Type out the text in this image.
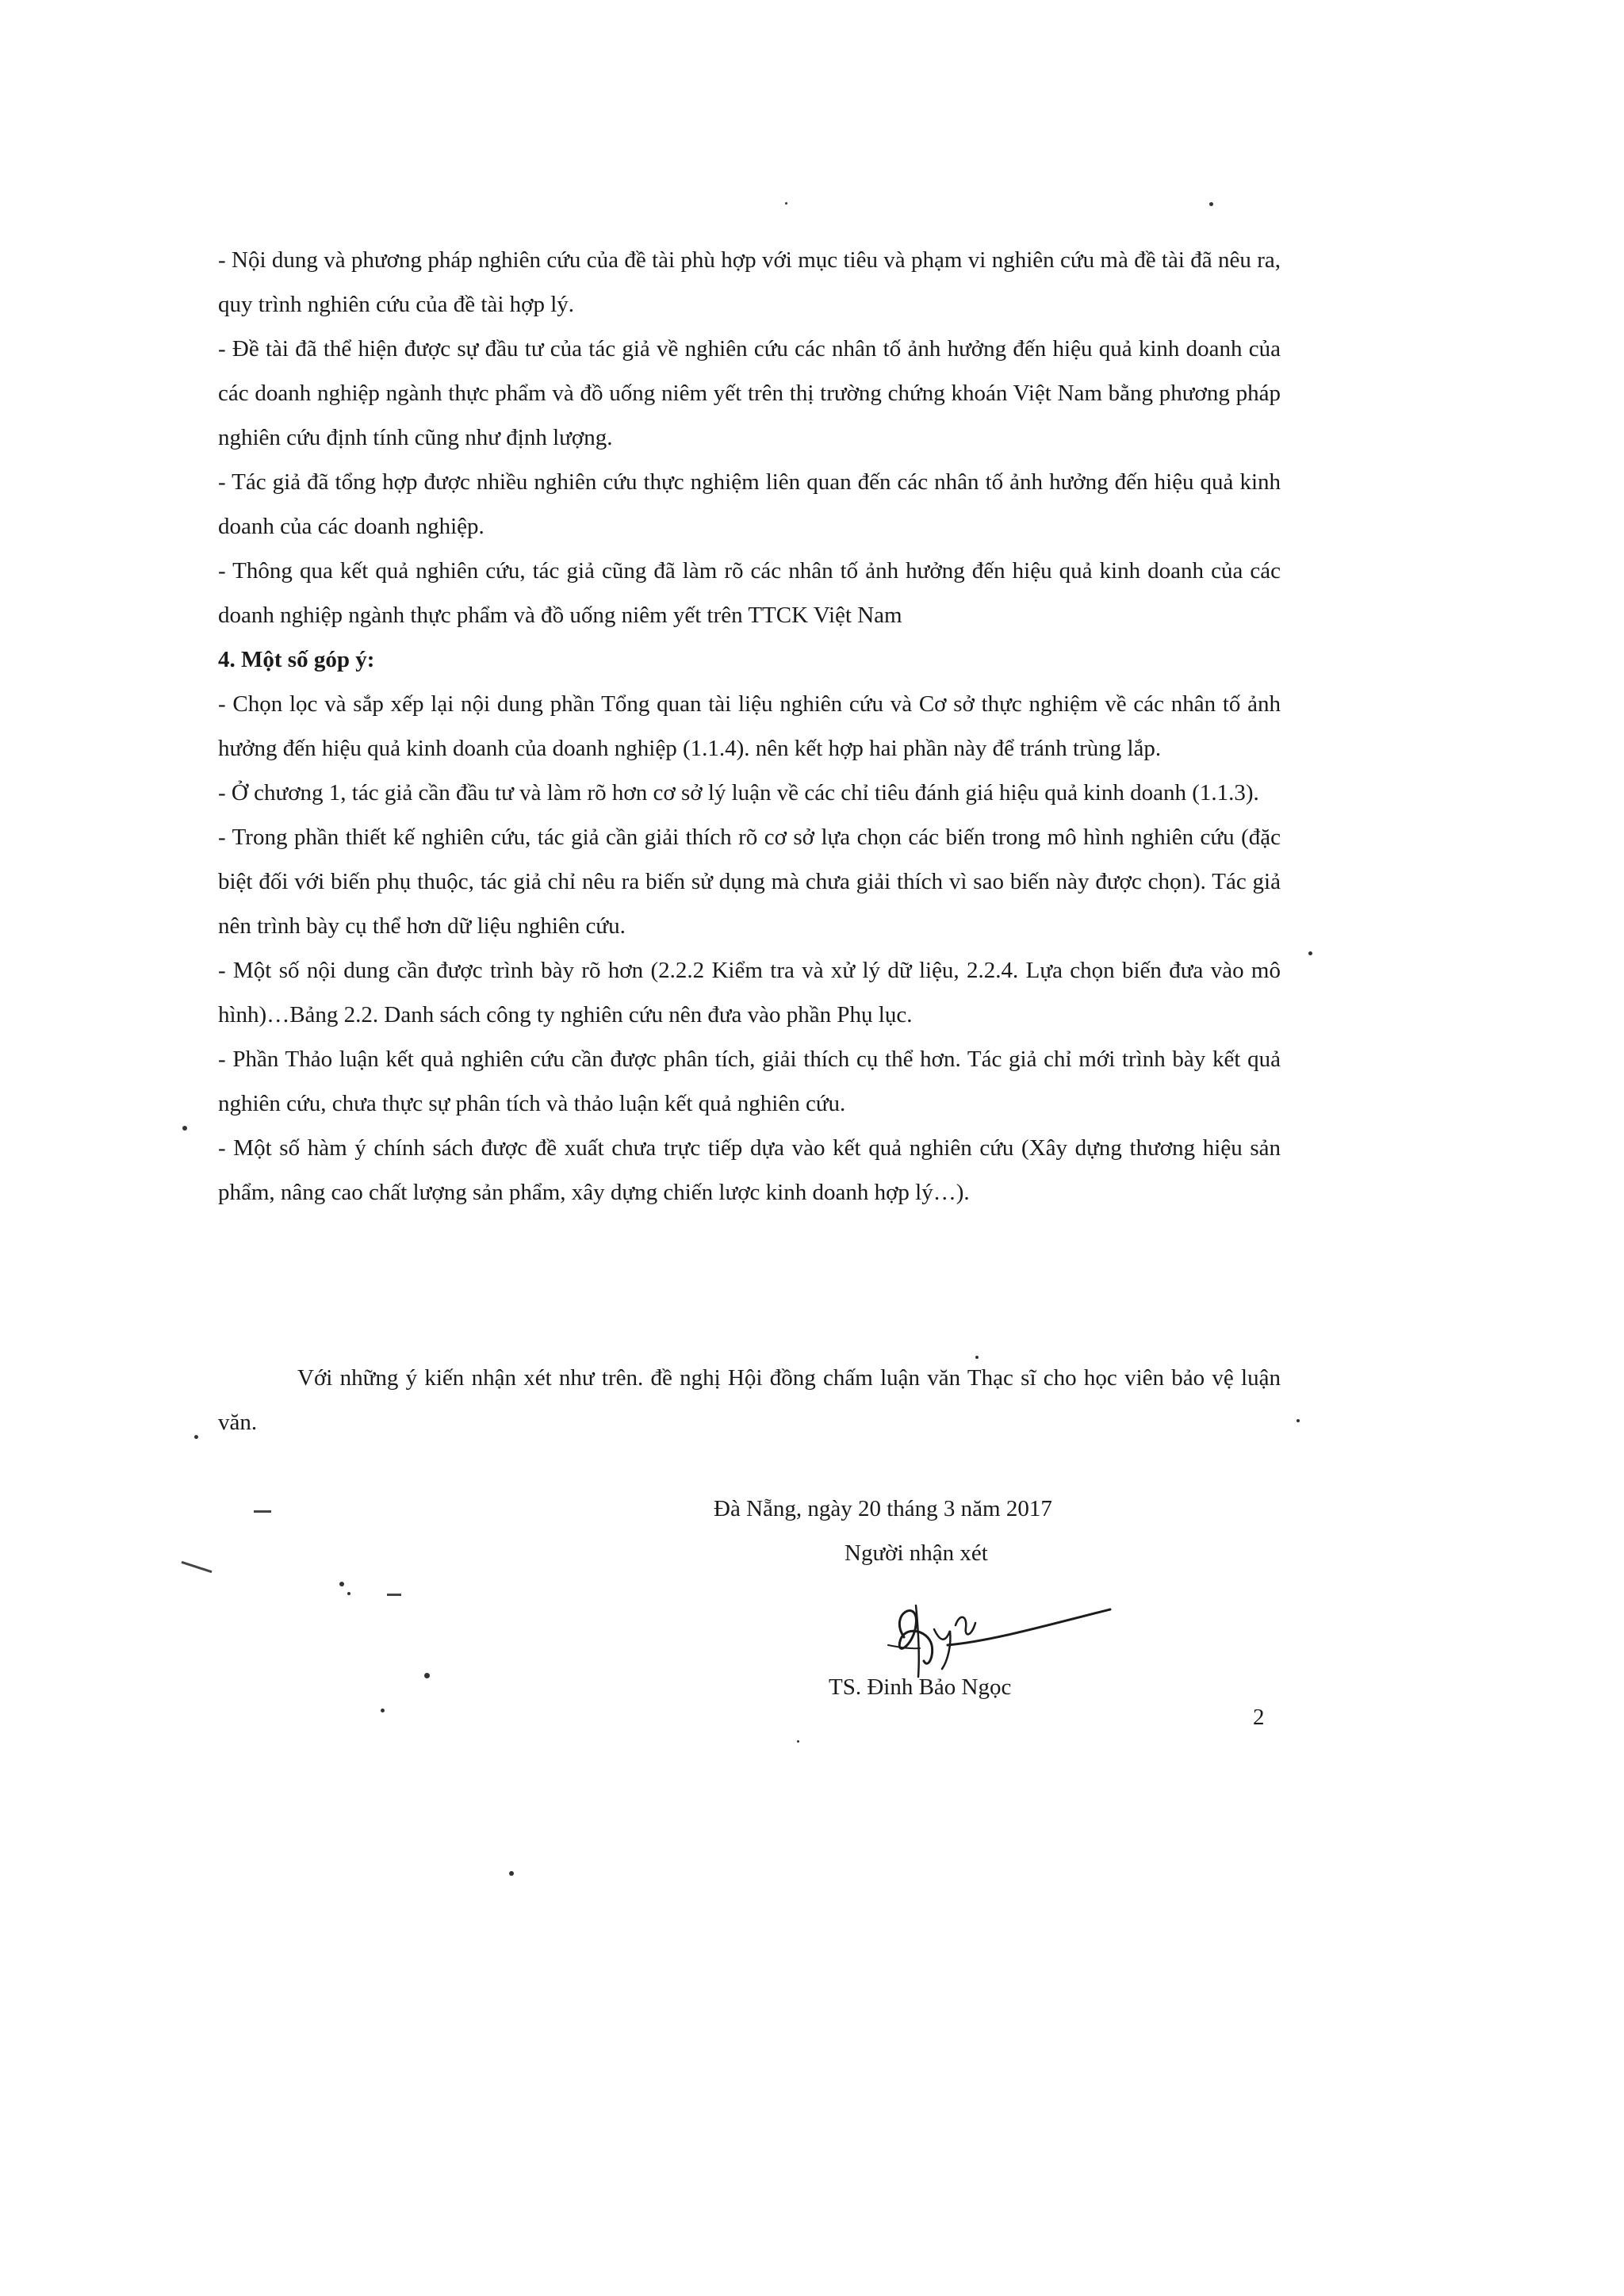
- Nội dung và phương pháp nghiên cứu của đề tài phù hợp với mục tiêu và phạm vi nghiên cứu mà đề tài đã nêu ra, quy trình nghiên cứu của đề tài hợp lý.

- Đề tài đã thể hiện được sự đầu tư của tác giả về nghiên cứu các nhân tố ảnh hưởng đến hiệu quả kinh doanh của các doanh nghiệp ngành thực phẩm và đồ uống niêm yết trên thị trường chứng khoán Việt Nam bằng phương pháp nghiên cứu định tính cũng như định lượng.

- Tác giả đã tổng hợp được nhiều nghiên cứu thực nghiệm liên quan đến các nhân tố ảnh hưởng đến hiệu quả kinh doanh của các doanh nghiệp.

- Thông qua kết quả nghiên cứu, tác giả cũng đã làm rõ các nhân tố ảnh hưởng đến hiệu quả kinh doanh của các doanh nghiệp ngành thực phẩm và đồ uống niêm yết trên TTCK Việt Nam

4. Một số góp ý:

- Chọn lọc và sắp xếp lại nội dung phần Tổng quan tài liệu nghiên cứu và Cơ sở thực nghiệm về các nhân tố ảnh hưởng đến hiệu quả kinh doanh của doanh nghiệp (1.1.4). nên kết hợp hai phần này để tránh trùng lắp.

- Ở chương 1, tác giả cần đầu tư và làm rõ hơn cơ sở lý luận về các chỉ tiêu đánh giá hiệu quả kinh doanh (1.1.3).

- Trong phần thiết kế nghiên cứu, tác giả cần giải thích rõ cơ sở lựa chọn các biến trong mô hình nghiên cứu (đặc biệt đối với biến phụ thuộc, tác giả chỉ nêu ra biến sử dụng mà chưa giải thích vì sao biến này được chọn). Tác giả nên trình bày cụ thể hơn dữ liệu nghiên cứu.

- Một số nội dung cần được trình bày rõ hơn (2.2.2 Kiểm tra và xử lý dữ liệu, 2.2.4. Lựa chọn biến đưa vào mô hình)…Bảng 2.2. Danh sách công ty nghiên cứu nên đưa vào phần Phụ lục.

- Phần Thảo luận kết quả nghiên cứu cần được phân tích, giải thích cụ thể hơn. Tác giả chỉ mới trình bày kết quả nghiên cứu, chưa thực sự phân tích và thảo luận kết quả nghiên cứu.

- Một số hàm ý chính sách được đề xuất chưa trực tiếp dựa vào kết quả nghiên cứu (Xây dựng thương hiệu sản phẩm, nâng cao chất lượng sản phẩm, xây dựng chiến lược kinh doanh hợp lý…).

Với những ý kiến nhận xét như trên. đề nghị Hội đồng chấm luận văn Thạc sĩ cho học viên bảo vệ luận văn.

Đà Nẵng, ngày 20 tháng 3 năm 2017
Người nhận xét
TS. Đinh Bảo Ngọc
2
